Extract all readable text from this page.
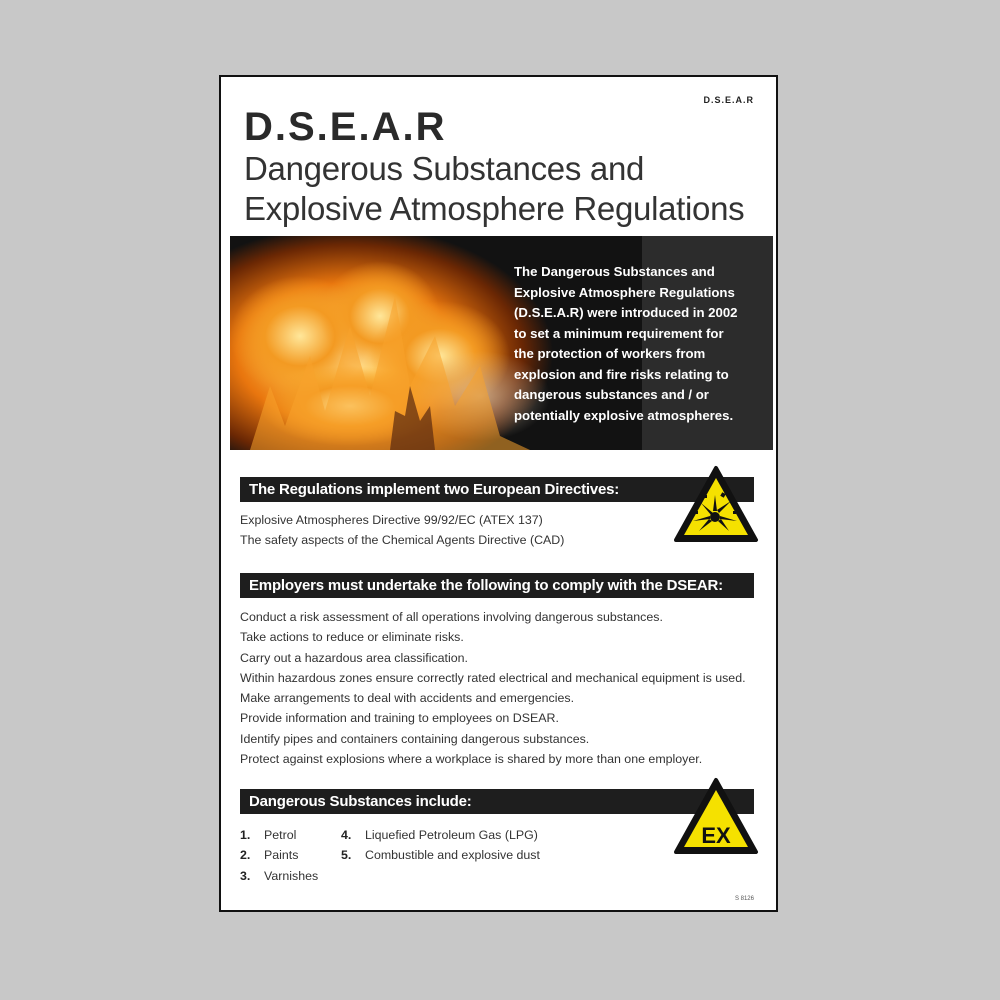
D.S.E.A.R
D.S.E.A.R
Dangerous Substances and
Explosive Atmosphere Regulations
The Dangerous Substances and
Explosive Atmosphere Regulations
(D.S.E.A.R) were introduced in 2002
to set a minimum requirement for
the protection of workers from
explosion and fire risks relating to
dangerous substances and / or
potentially explosive atmospheres.
The Regulations implement two European Directives:
Explosive Atmospheres Directive 99/92/EC (ATEX 137)
The safety aspects of the Chemical Agents Directive (CAD)
Employers must undertake the following to comply with the DSEAR:
Conduct a risk assessment of all operations involving dangerous substances.
Take actions to reduce or eliminate risks.
Carry out a hazardous area classification.
Within hazardous zones ensure correctly rated electrical and mechanical equipment is used.
Make arrangements to deal with accidents and emergencies.
Provide information and training to employees on DSEAR.
Identify pipes and containers containing dangerous substances.
Protect against explosions where a workplace is shared by more than one employer.
Dangerous Substances include:
1. Petrol
2. Paints
3. Varnishes
4. Liquefied Petroleum Gas (LPG)
5. Combustible and explosive dust
EX
S 8126
